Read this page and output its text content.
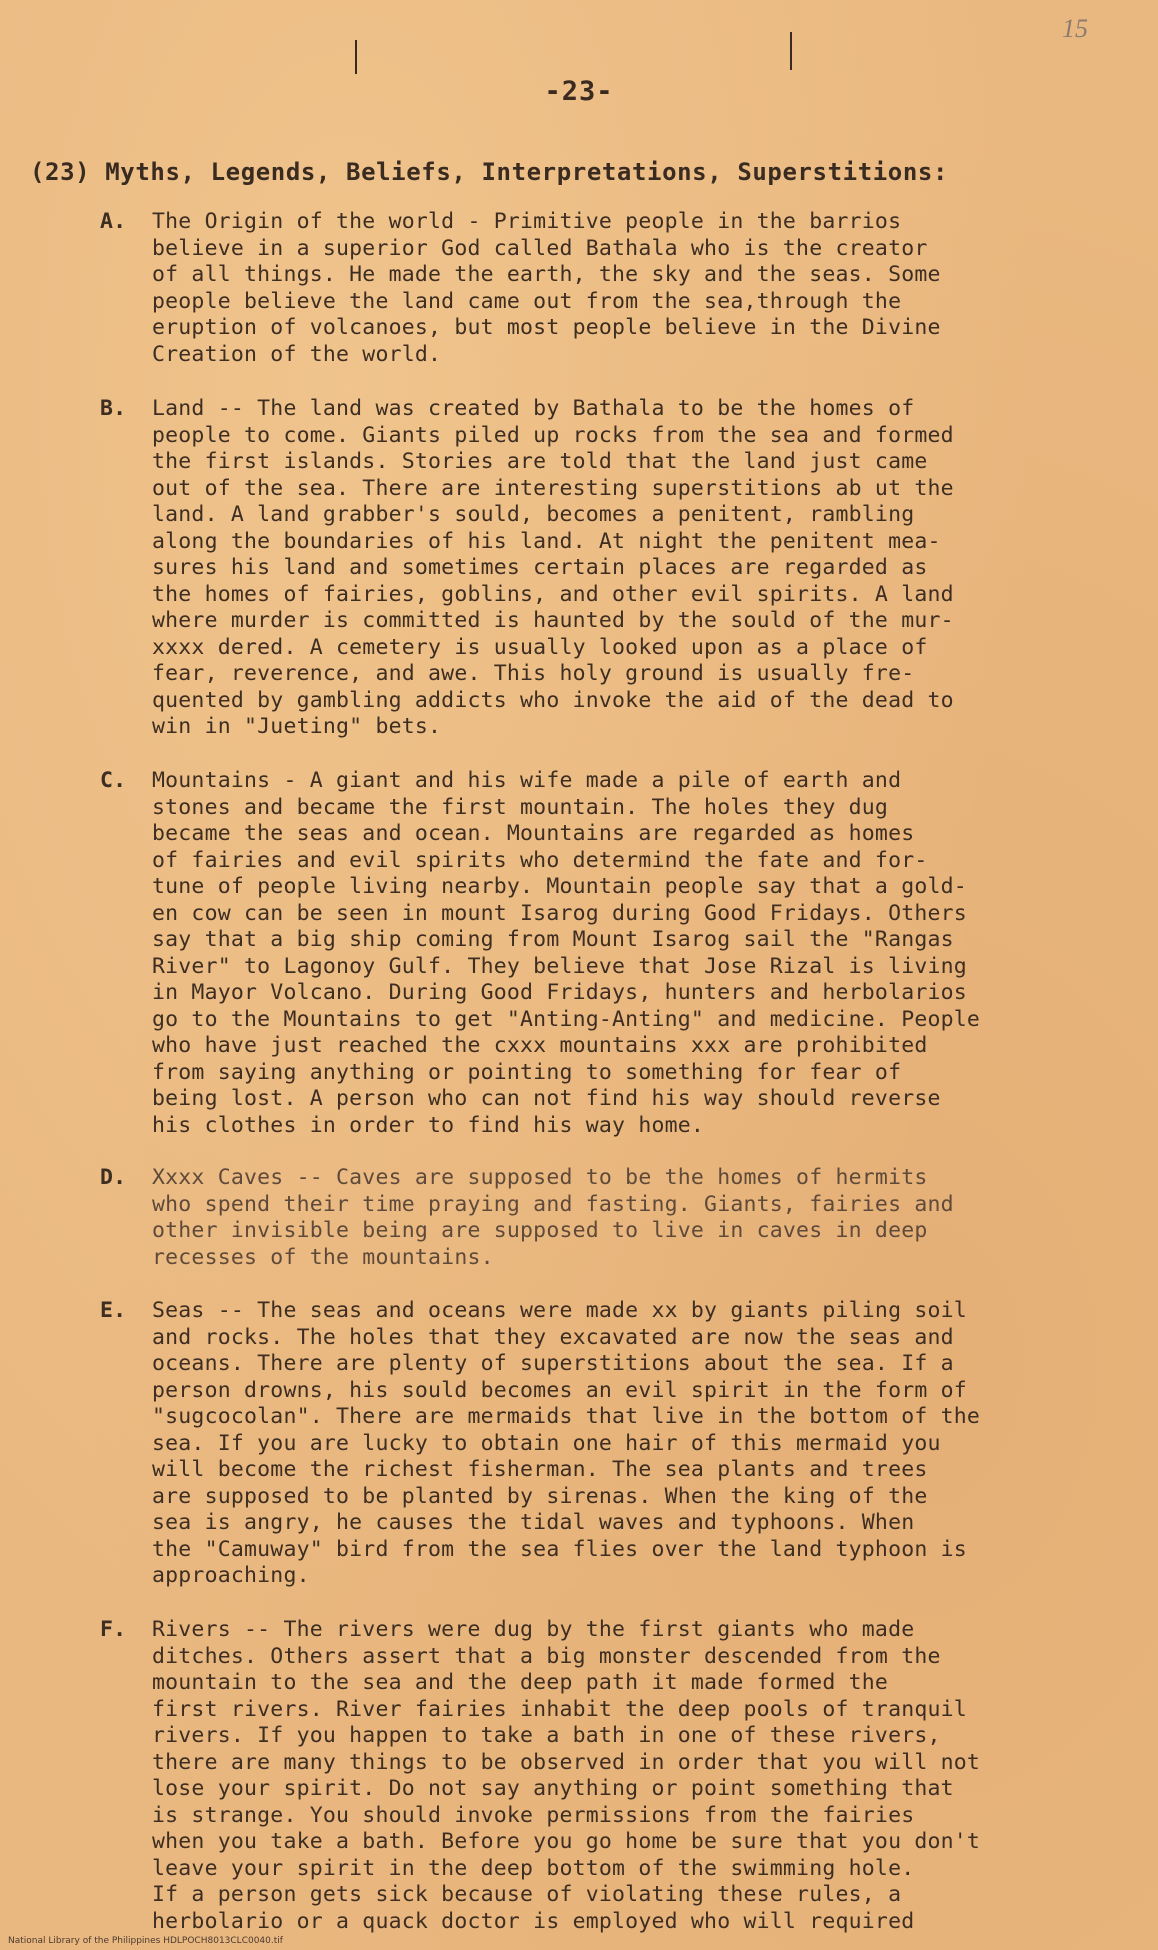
15
-23-
(23) Myths, Legends, Beliefs, Interpretations, Superstitions:
A.	The Origin of the world - Primitive people in the barrios
believe in a superior God called Bathala who is the creator
of all things. He made the earth, the sky and the seas. Some
people believe the land came out from the sea,through the
eruption of volcanoes, but most people believe in the Divine
Creation of the world.
B.	Land -- The land was created by Bathala to be the homes of
people to come. Giants piled up rocks from the sea and formed
the first islands. Stories are told that the land just came
out of the sea. There are interesting superstitions ab ut the
land. A land grabber's sould, becomes a penitent, rambling
along the boundaries of his land. At night the penitent mea-
sures his land and sometimes certain places are regarded as
the homes of fairies, goblins, and other evil spirits. A land
where murder is committed is haunted by the sould of the mur-
xxxx dered. A cemetery is usually looked upon as a place of
fear, reverence, and awe. This holy ground is usually fre-
quented by gambling addicts who invoke the aid of the dead to
win in "Jueting" bets.
C.	Mountains - A giant and his wife made a pile of earth and
stones and became the first mountain. The holes they dug
became the seas and ocean. Mountains are regarded as homes
of fairies and evil spirits who determind the fate and for-
tune of people living nearby. Mountain people say that a gold-
en cow can be seen in mount Isarog during Good Fridays. Others
say that a big ship coming from Mount Isarog sail the "Rangas
River" to Lagonoy Gulf. They believe that Jose Rizal is living
in Mayor Volcano. During Good Fridays, hunters and herbolarios
go to the Mountains to get "Anting-Anting" and medicine. People
who have just reached the cxxx mountains xxx are prohibited
from saying anything or pointing to something for fear of
being lost. A person who can not find his way should reverse
his clothes in order to find his way home.
D.	Xxxx Caves -- Caves are supposed to be the homes of hermits
who spend their time praying and fasting. Giants, fairies and
other invisible being are supposed to live in caves in deep
recesses of the mountains.
E.	Seas -- The seas and oceans were made xx by giants piling soil
and rocks. The holes that they excavated are now the seas and
oceans. There are plenty of superstitions about the sea. If a
person drowns, his sould becomes an evil spirit in the form of
"sugcocolan". There are mermaids that live in the bottom of the
sea. If you are lucky to obtain one hair of this mermaid you
will become the richest fisherman. The sea plants and trees
are supposed to be planted by sirenas. When the king of the
sea is angry, he causes the tidal waves and typhoons. When
the "Camuway" bird from the sea flies over the land typhoon is
approaching.
F.	Rivers -- The rivers were dug by the first giants who made
ditches. Others assert that a big monster descended from the
mountain to the sea and the deep path it made formed the
first rivers. River fairies inhabit the deep pools of tranquil
rivers. If you happen to take a bath in one of these rivers,
there are many things to be observed in order that you will not
lose your spirit. Do not say anything or point something that
is strange. You should invoke permissions from the fairies
when you take a bath. Before you go home be sure that you don't
leave your spirit in the deep bottom of the swimming hole.
If a person gets sick because of violating these rules, a
herbolario or a quack doctor is employed who will required
National Library of the Philippines HDLPOCH8013CLC0040.tif
